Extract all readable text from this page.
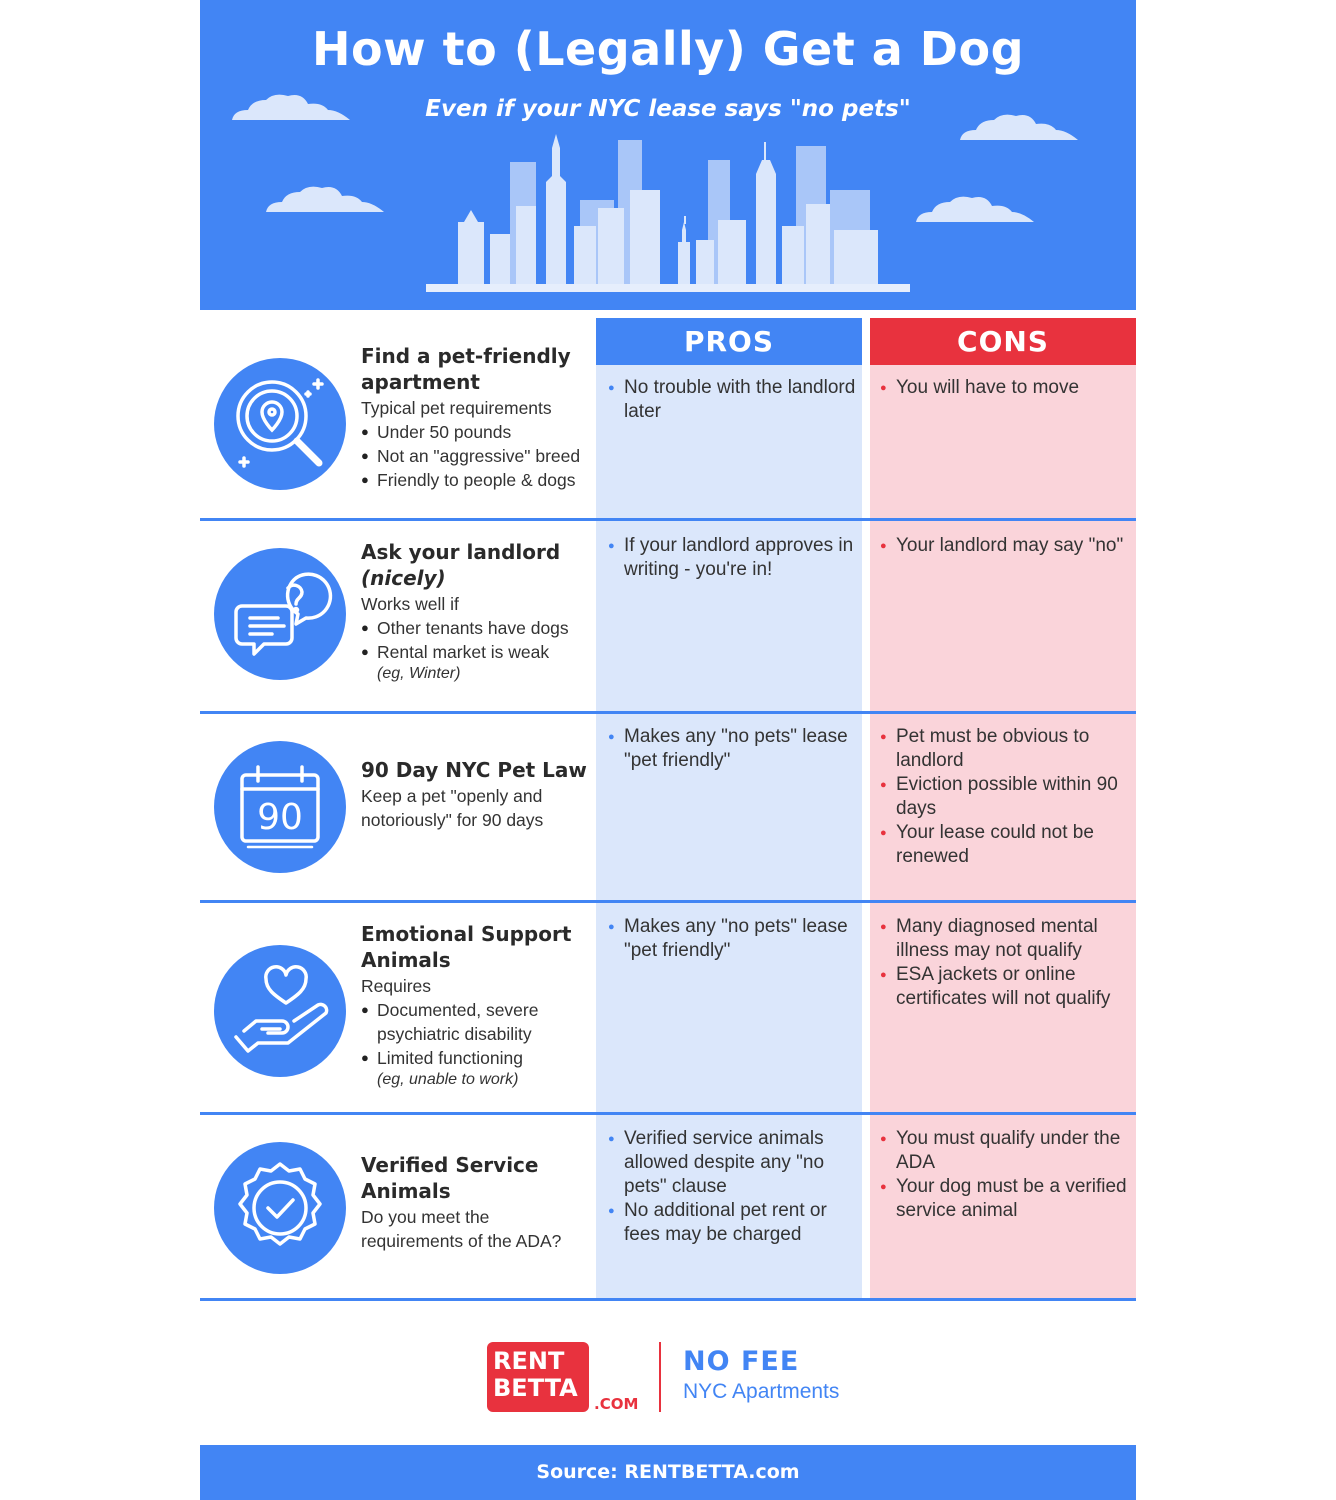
How to (Legally) Get a Dog
Even if your NYC lease says "no pets"
PROS	CONS
Find a pet-friendly apartment
Typical pet requirements
● Under 50 pounds
● Not an "aggressive" breed
● Friendly to people & dogs
● No trouble with the landlord later
● You will have to move
Ask your landlord
(nicely)
Works well if
● Other tenants have dogs
● Rental market is weak
(eg, Winter)
● If your landlord approves in writing - you're in!
● Your landlord may say "no"
90
90 Day NYC Pet Law
Keep a pet "openly and notoriously" for 90 days
● Makes any "no pets" lease "pet friendly"
● Pet must be obvious to landlord
● Eviction possible within 90 days
● Your lease could not be renewed
Emotional Support Animals
Requires
● Documented, severe psychiatric disability
● Limited functioning
(eg, unable to work)
● Makes any "no pets" lease "pet friendly"
● Many diagnosed mental illness may not qualify
● ESA jackets or online certificates will not qualify
Verified Service Animals
Do you meet the requirements of the ADA?
● Verified service animals allowed despite any "no pets" clause
● No additional pet rent or fees may be charged
● You must qualify under the ADA
● Your dog must be a verified service animal
RENT
BETTA
.COM
NO FEE
NYC Apartments
Source: RENTBETTA.com
